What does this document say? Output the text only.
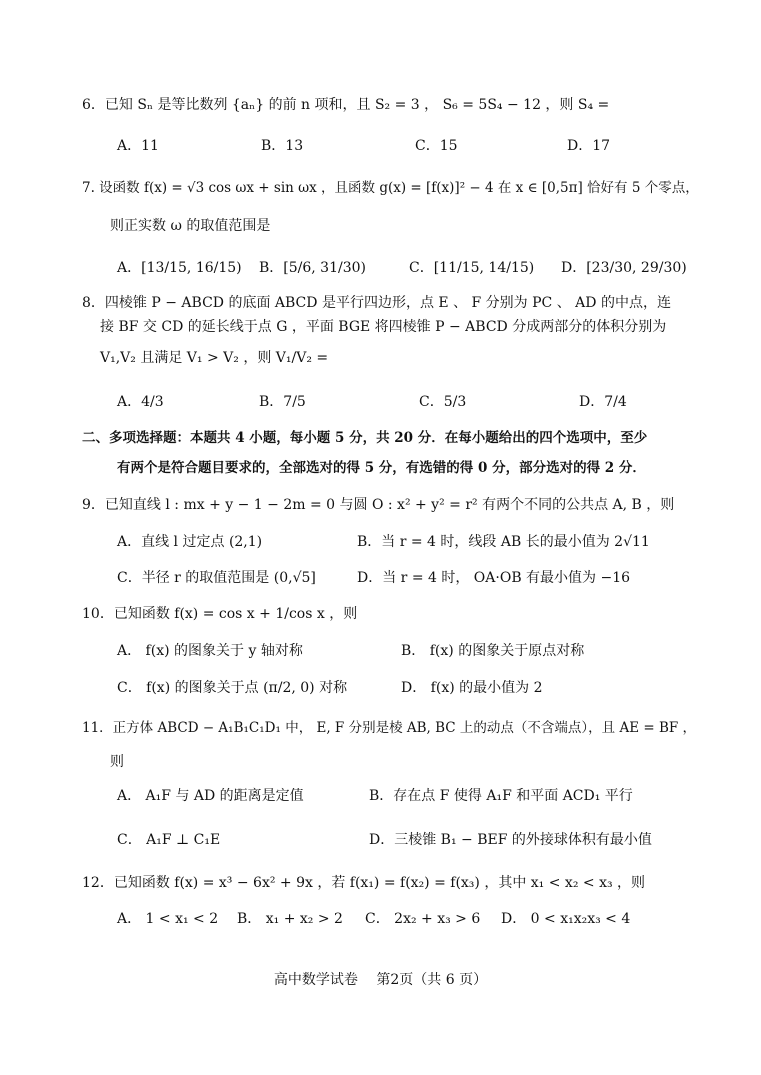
6．已知 Sₙ 是等比数列 {aₙ} 的前 n 项和，且 S₂ = 3 ， S₆ = 5S₄ − 12 ，则 S₄ =
A．11	B．13	C．15	D．17
7. 设函数 f(x) = √3 cos ωx + sin ωx ，且函数 g(x) = [f(x)]² − 4 在 x ∈ [0,5π] 恰好有 5 个零点，
则正实数 ω 的取值范围是
A．[13/15, 16/15) B．[5/6, 31/30)	C．[11/15, 14/15) D．[23/30, 29/30)
8．四棱锥 P − ABCD 的底面 ABCD 是平行四边形，点 E 、 F 分别为 PC 、 AD 的中点，连
接 BF 交 CD 的延长线于点 G ，平面 BGE 将四棱锥 P − ABCD 分成两部分的体积分别为
V₁,V₂ 且满足 V₁ > V₂ ，则 V₁/V₂ =
A．4/3	B．7/5	C．5/3	D．7/4
二、多项选择题：本题共 4 小题，每小题 5 分，共 20 分．在每小题给出的四个选项中，至少
有两个是符合题目要求的，全部选对的得 5 分，有选错的得 0 分，部分选对的得 2 分．
9．已知直线 l : mx + y − 1 − 2m = 0 与圆 O : x² + y² = r² 有两个不同的公共点 A, B ，则
A．直线 l 过定点 (2,1)	B．当 r = 4 时，线段 AB 长的最小值为 2√11
C．半径 r 的取值范围是 (0,√5]	D．当 r = 4 时， OA·OB 有最小值为 −16
10．已知函数 f(x) = cos x + 1/cos x ，则
A． f(x) 的图象关于 y 轴对称	B． f(x) 的图象关于原点对称
C． f(x) 的图象关于点 (π/2, 0) 对称	D． f(x) 的最小值为 2
11．正方体 ABCD − A₁B₁C₁D₁ 中， E, F 分别是棱 AB, BC 上的动点（不含端点），且 AE = BF ，
则
A． A₁F 与 AD 的距离是定值	B．存在点 F 使得 A₁F 和平面 ACD₁ 平行
C． A₁F ⊥ C₁E	D．三棱锥 B₁ − BEF 的外接球体积有最小值
12．已知函数 f(x) = x³ − 6x² + 9x ，若 f(x₁) = f(x₂) = f(x₃) ，其中 x₁ < x₂ < x₃ ，则
A． 1 < x₁ < 2 B． x₁ + x₂ > 2 C． 2x₂ + x₃ > 6 D． 0 < x₁x₂x₃ < 4
高中数学试卷　 第2页（共 6 页）
